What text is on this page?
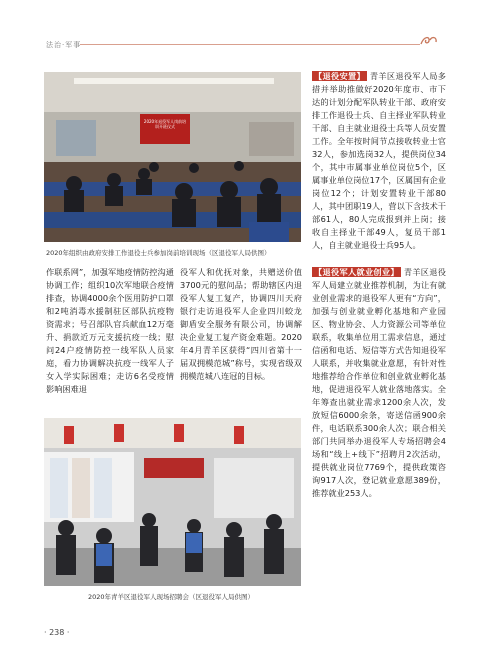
法治·军事
2020年退役军人岗前培训开班仪式
2020年组织由政府安排工作退役士兵参加岗前培训现场（区退役军人局供图）

【退役安置】 青羊区退役军人局多措并举助推做好2020年度市、市下达的计划分配军队转业干部、政府安排工作退役士兵、自主择业军队转业干部、自主就业退役士兵等人员安置工作。全年按时间节点接收转业士官32人，参加选岗32人，提供岗位34个，其中市属事业单位岗位5个，区属事业单位岗位17个，区属国有企业岗位12个；计划安置转业干部80人，其中团职19人，营以下含技术干部61人，80人完成报到并上岗；接收自主择业干部49人，复员干部1人，自主就业退役士兵95人。

【退役军人就业创业】 青羊区退役军人局建立就业推荐机制，为让有就业创业需求的退役军人更有“方向”，加强与创业就业孵化基地和产业园区、物业协会、人力资源公司等单位联系，收集单位用工需求信息，通过信函和电话、短信等方式告知退役军人联系，并收集就业意愿，有针对性地推荐给合作单位和创业就业孵化基地，促进退役军人就业落地落实。全年筹查出就业需求1200余人次，发放短信6000余条，寄送信函900余件，电话联系300余人次；联合相关部门共同举办退役军人专场招聘会4场和“线上+线下”招聘月2次活动，提供就业岗位7769个，提供政策咨询917人次，登记就业意愿389份，推荐就业253人。

作联系网”，加强军地疫情防控沟通协调工作；组织10次军地联合疫情排查，协调4000余个医用防护口罩和2吨消毒水援制驻区部队抗疫物资需求；号召部队官兵献血12万毫升、捐款近万元支援抗疫一线；慰问24户疫情防控一线军队人员家庭，看力协调解决抗疫一线军人子女入学实际困难；走访6名受疫情影响困难退

役军人和优抚对象，共赠送价值3700元的慰问品；帮助辖区内退役军人复工复产，协调四川天府银行走访退役军人企业四川蛟龙御盾安全服务有限公司，协调解决企业复工复产资金难题。2020年4月青羊区获得“四川省第十一届双拥模范城”称号，实现省级双拥模范城八连冠的目标。

2020年青羊区退役军人现场招聘会（区退役军人局供图）
· 238 ·
